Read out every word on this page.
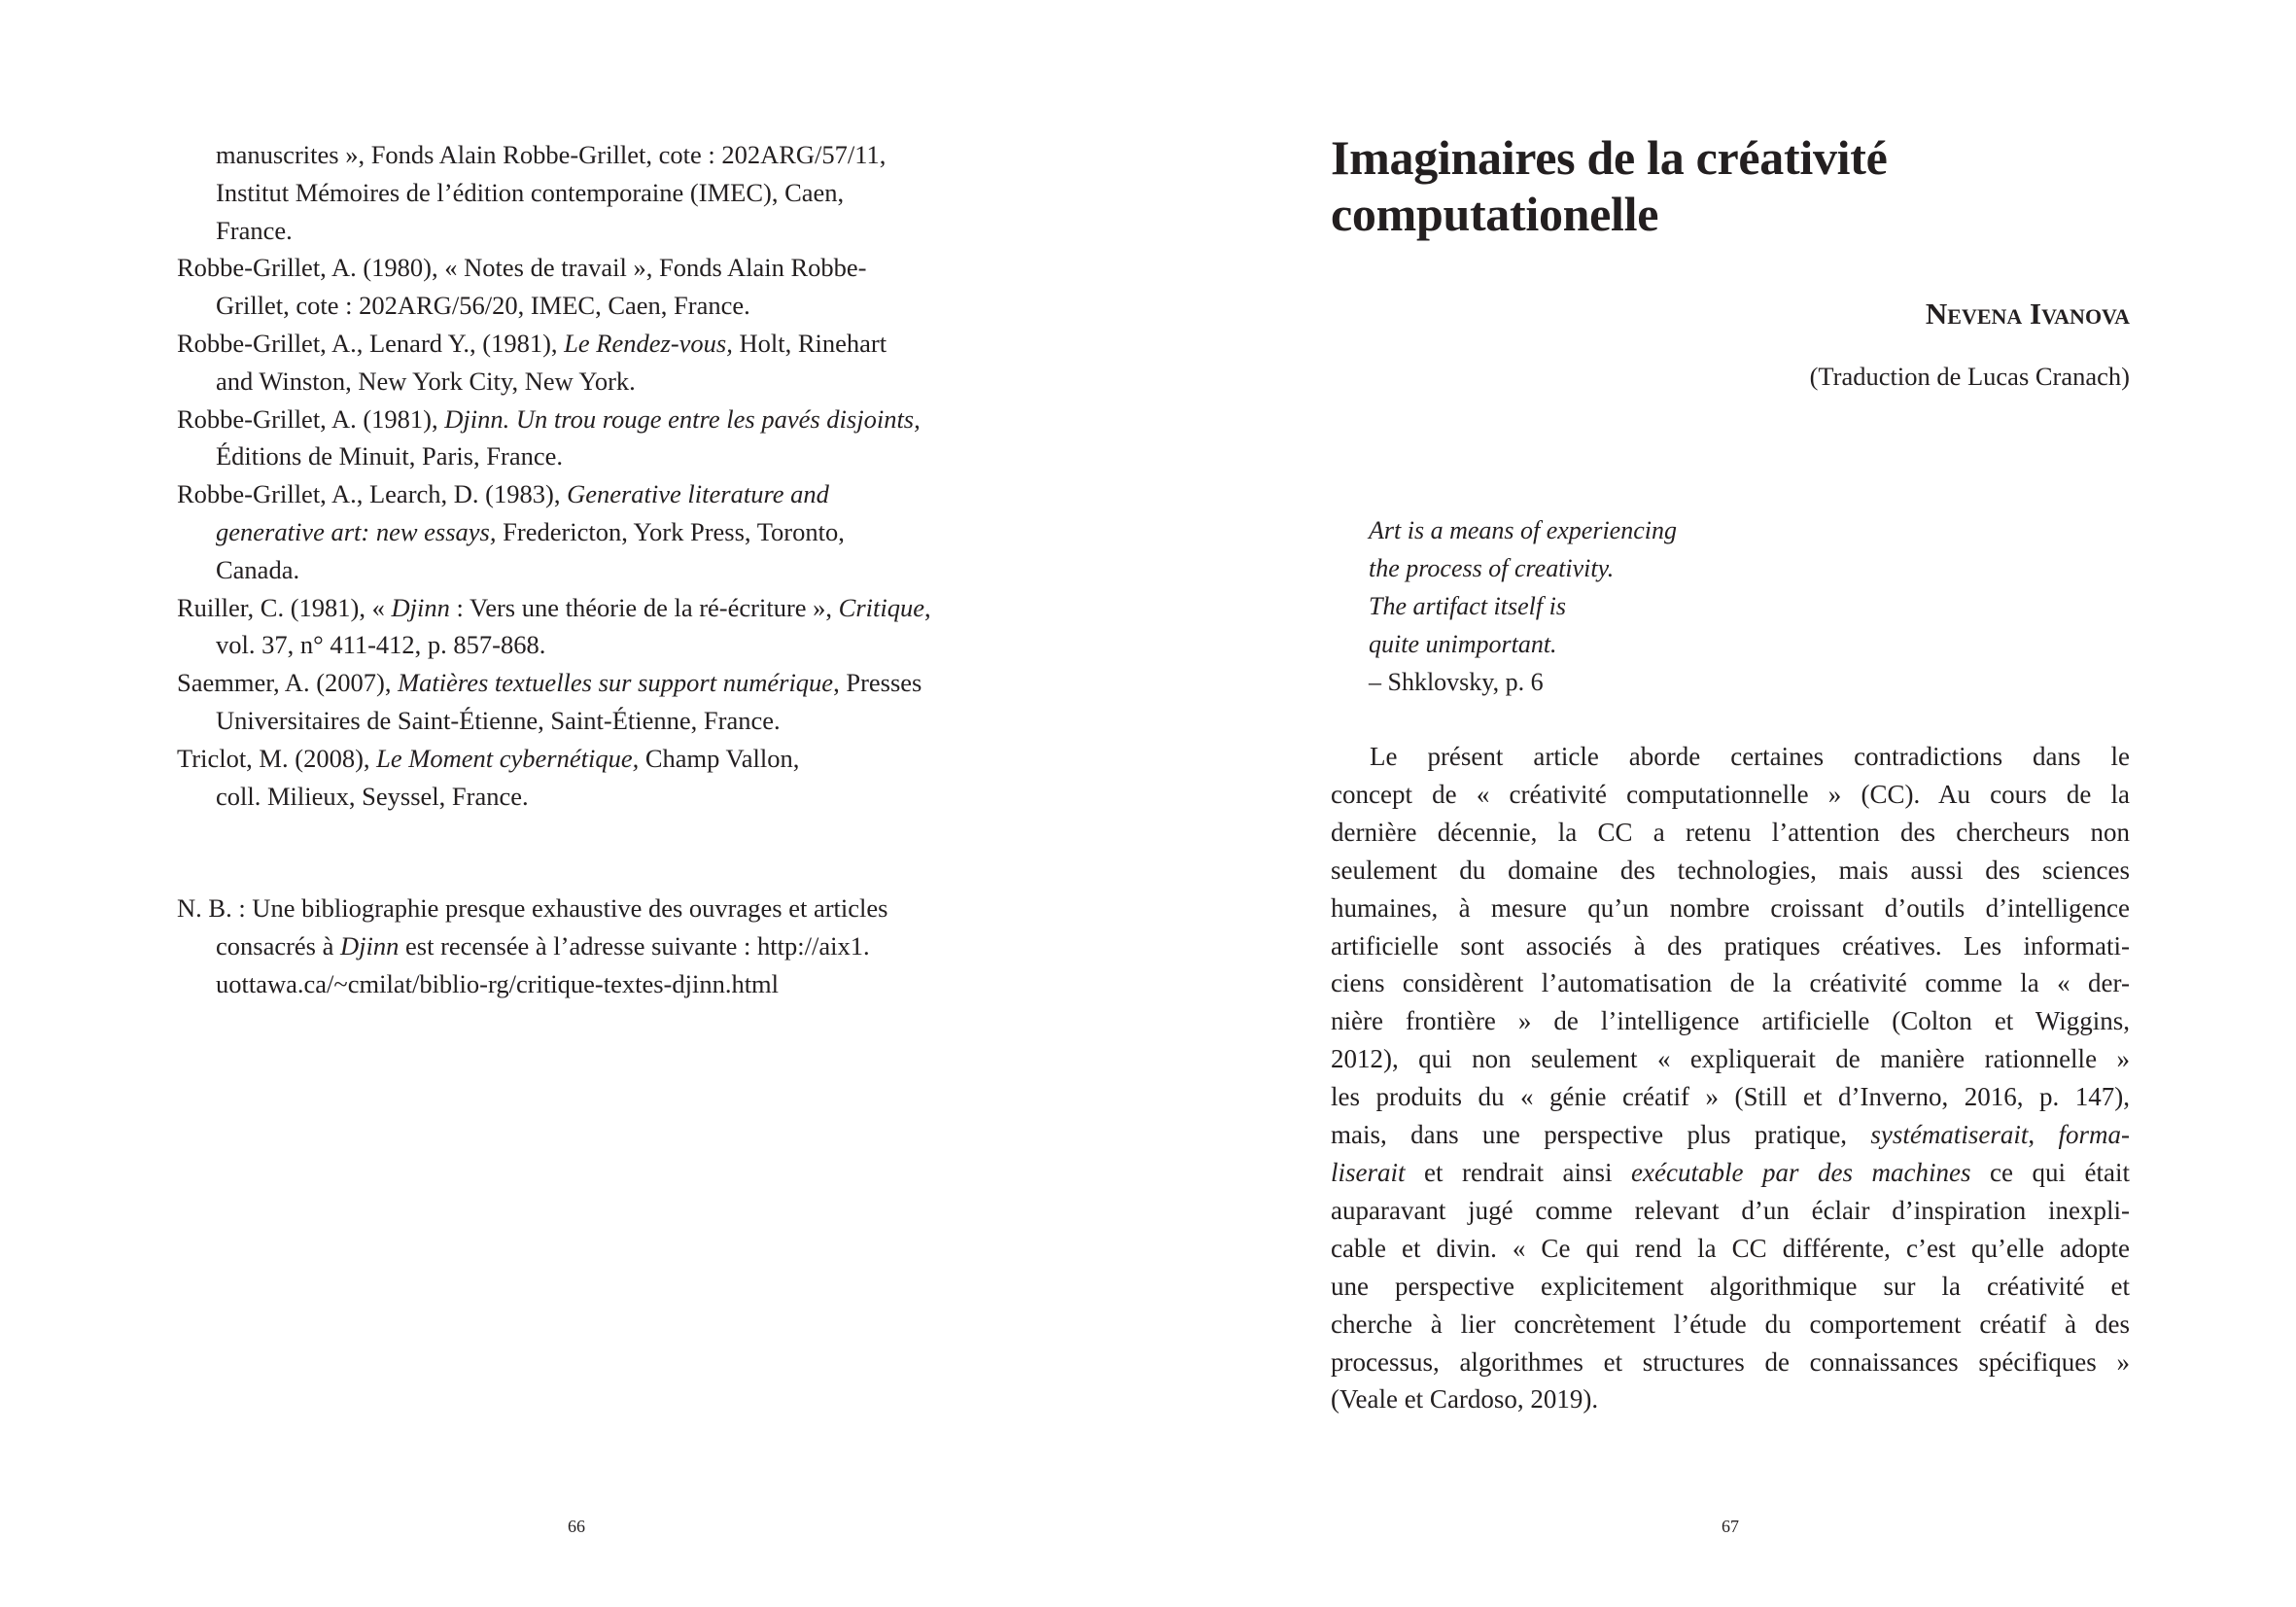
manuscrites », Fonds Alain Robbe-Grillet, cote : 202ARG/57/11,
Institut Mémoires de l’édition contemporaine (IMEC), Caen,
France.
Robbe-Grillet, A. (1980), « Notes de travail », Fonds Alain Robbe-
Grillet, cote : 202ARG/56/20, IMEC, Caen, France.
Robbe-Grillet, A., Lenard Y., (1981), Le Rendez-vous, Holt, Rinehart
and Winston, New York City, New York.
Robbe-Grillet, A. (1981), Djinn. Un trou rouge entre les pavés disjoints,
Éditions de Minuit, Paris, France.
Robbe-Grillet, A., Learch, D. (1983), Generative literature and
generative art: new essays, Fredericton, York Press, Toronto,
Canada.
Ruiller, C. (1981), « Djinn : Vers une théorie de la ré-écriture », Critique,
vol. 37, n° 411-412, p. 857-868.
Saemmer, A. (2007), Matières textuelles sur support numérique, Presses
Universitaires de Saint-Étienne, Saint-Étienne, France.
Triclot, M. (2008), Le Moment cybernétique, Champ Vallon,
coll. Milieux, Seyssel, France.
N. B. : Une bibliographie presque exhaustive des ouvrages et articles
consacrés à Djinn est recensée à l’adresse suivante : http://aix1.
uottawa.ca/~cmilat/biblio-rg/critique-textes-djinn.html
66
Imaginaires de la créativité
computationelle
Nevena Ivanova
(Traduction de Lucas Cranach)
Art is a means of experiencing
the process of creativity.
The artifact itself is
quite unimportant.
– Shklovsky, p. 6
Le présent article aborde certaines contradictions dans le
concept de « créativité computationnelle » (CC). Au cours de la
dernière décennie, la CC a retenu l’attention des chercheurs non
seulement du domaine des technologies, mais aussi des sciences
humaines, à mesure qu’un nombre croissant d’outils d’intelligence
artificielle sont associés à des pratiques créatives. Les informati-
ciens considèrent l’automatisation de la créativité comme la « der-
nière frontière » de l’intelligence artificielle (Colton et Wiggins,
2012), qui non seulement « expliquerait de manière rationnelle »
les produits du « génie créatif » (Still et d’Inverno, 2016, p. 147),
mais, dans une perspective plus pratique, systématiserait, forma-
liserait et rendrait ainsi exécutable par des machines ce qui était
auparavant jugé comme relevant d’un éclair d’inspiration inexpli-
cable et divin. « Ce qui rend la CC différente, c’est qu’elle adopte
une perspective explicitement algorithmique sur la créativité et
cherche à lier concrètement l’étude du comportement créatif à des
processus, algorithmes et structures de connaissances spécifiques »
(Veale et Cardoso, 2019).
67
